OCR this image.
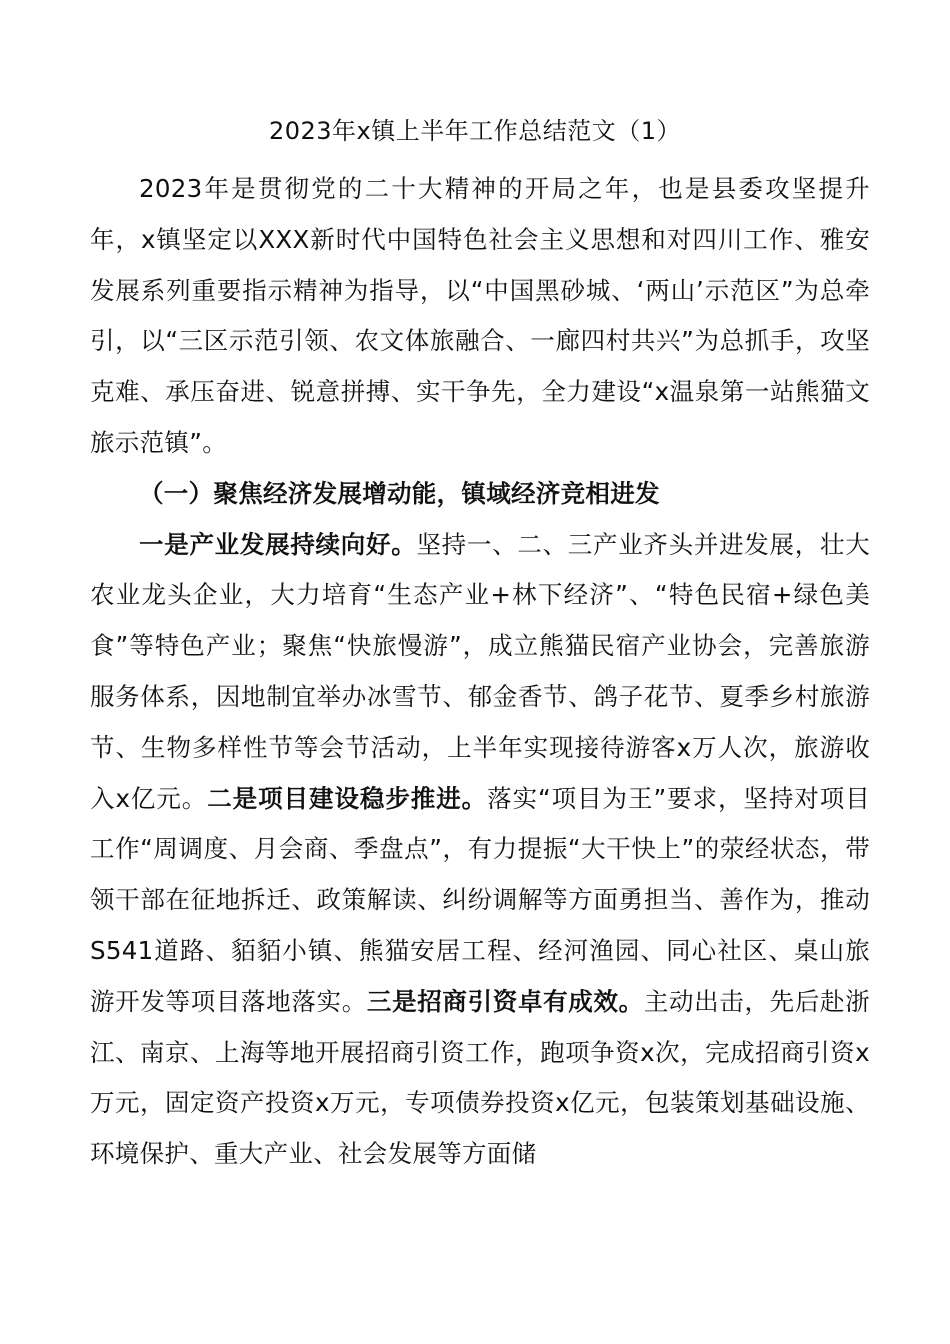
2023年x镇上半年工作总结范文（1）

2023年是贯彻党的二十大精神的开局之年，也是县委攻坚提升年，x镇坚定以XXX新时代中国特色社会主义思想和对四川工作、雅安发展系列重要指示精神为指导，以“中国黑砂城、‘两山’示范区”为总牵引，以“三区示范引领、农文体旅融合、一廊四村共兴”为总抓手，攻坚克难、承压奋进、锐意拼搏、实干争先，全力建设“x温泉第一站熊猫文旅示范镇”。

（一）聚焦经济发展增动能，镇域经济竞相进发

一是产业发展持续向好。坚持一、二、三产业齐头并进发展，壮大农业龙头企业，大力培育“生态产业+林下经济”、“特色民宿+绿色美食”等特色产业；聚焦“快旅慢游”，成立熊猫民宿产业协会，完善旅游服务体系，因地制宜举办冰雪节、郁金香节、鸽子花节、夏季乡村旅游节、生物多样性节等会节活动，上半年实现接待游客x万人次，旅游收入x亿元。二是项目建设稳步推进。落实“项目为王”要求，坚持对项目工作“周调度、月会商、季盘点”，有力提振“大干快上”的荥经状态，带领干部在征地拆迁、政策解读、纠纷调解等方面勇担当、善作为，推动S541道路、貊貊小镇、熊猫安居工程、经河渔园、同心社区、桌山旅游开发等项目落地落实。三是招商引资卓有成效。主动出击，先后赴浙江、南京、上海等地开展招商引资工作，跑项争资x次，完成招商引资x万元，固定资产投资x万元，专项债券投资x亿元，包装策划基础设施、环境保护、重大产业、社会发展等方面储
